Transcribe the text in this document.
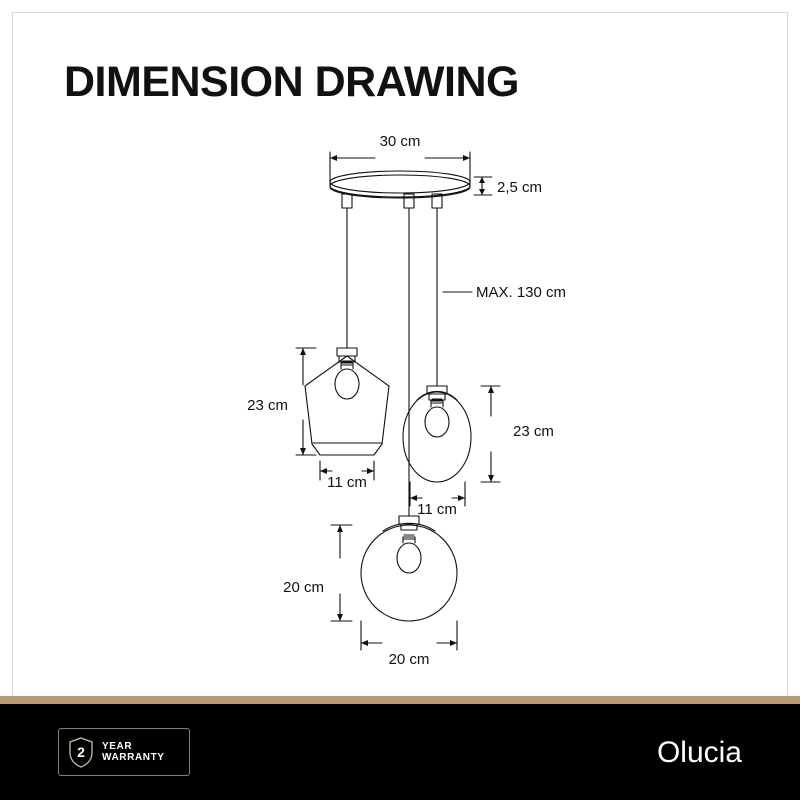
DIMENSION DRAWING
30 cm
2,5 cm
MAX. 130 cm
23 cm
11 cm
23 cm
11 cm
20 cm
20 cm
2	YEAR
WARRANTY	Olucia
